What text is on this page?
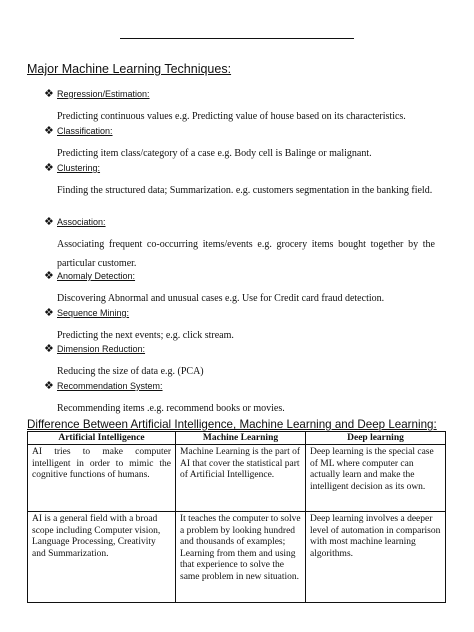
Major Machine Learning Techniques:
❖ Regression/Estimation:
Predicting continuous values e.g. Predicting value of house based on its characteristics.
❖ Classification:
Predicting item class/category of a case e.g. Body cell is Balinge or malignant.
❖ Clustering:
Finding the structured data; Summarization. e.g. customers segmentation in the banking field.
❖ Association:
Associating frequent co-occurring items/events e.g. grocery items bought together by the particular customer.
❖ Anomaly Detection:
Discovering Abnormal and unusual cases e.g. Use for Credit card fraud detection.
❖ Sequence Mining:
Predicting the next events; e.g. click stream.
❖ Dimension Reduction:
Reducing the size of data e.g. (PCA)
❖ Recommendation System:
Recommending items .e.g. recommend books or movies.
Difference Between Artificial Intelligence, Machine Learning and Deep Learning:
Artificial Intelligence	Machine Learning	Deep learning
AI tries to make computer intelligent in order to mimic the cognitive functions of humans.	Machine Learning is the part of AI that cover the statistical part of Artificial Intelligence.	Deep learning is the special case of ML where computer can actually learn and make the intelligent decision as its own.
AI is a general field with a broad scope including Computer vision, Language Processing, Creativity and Summarization.	It teaches the computer to solve a problem by looking hundred and thousands of examples; Learning from them and using that experience to solve the same problem in new situation.	Deep learning involves a deeper level of automation in comparison with most machine learning algorithms.
